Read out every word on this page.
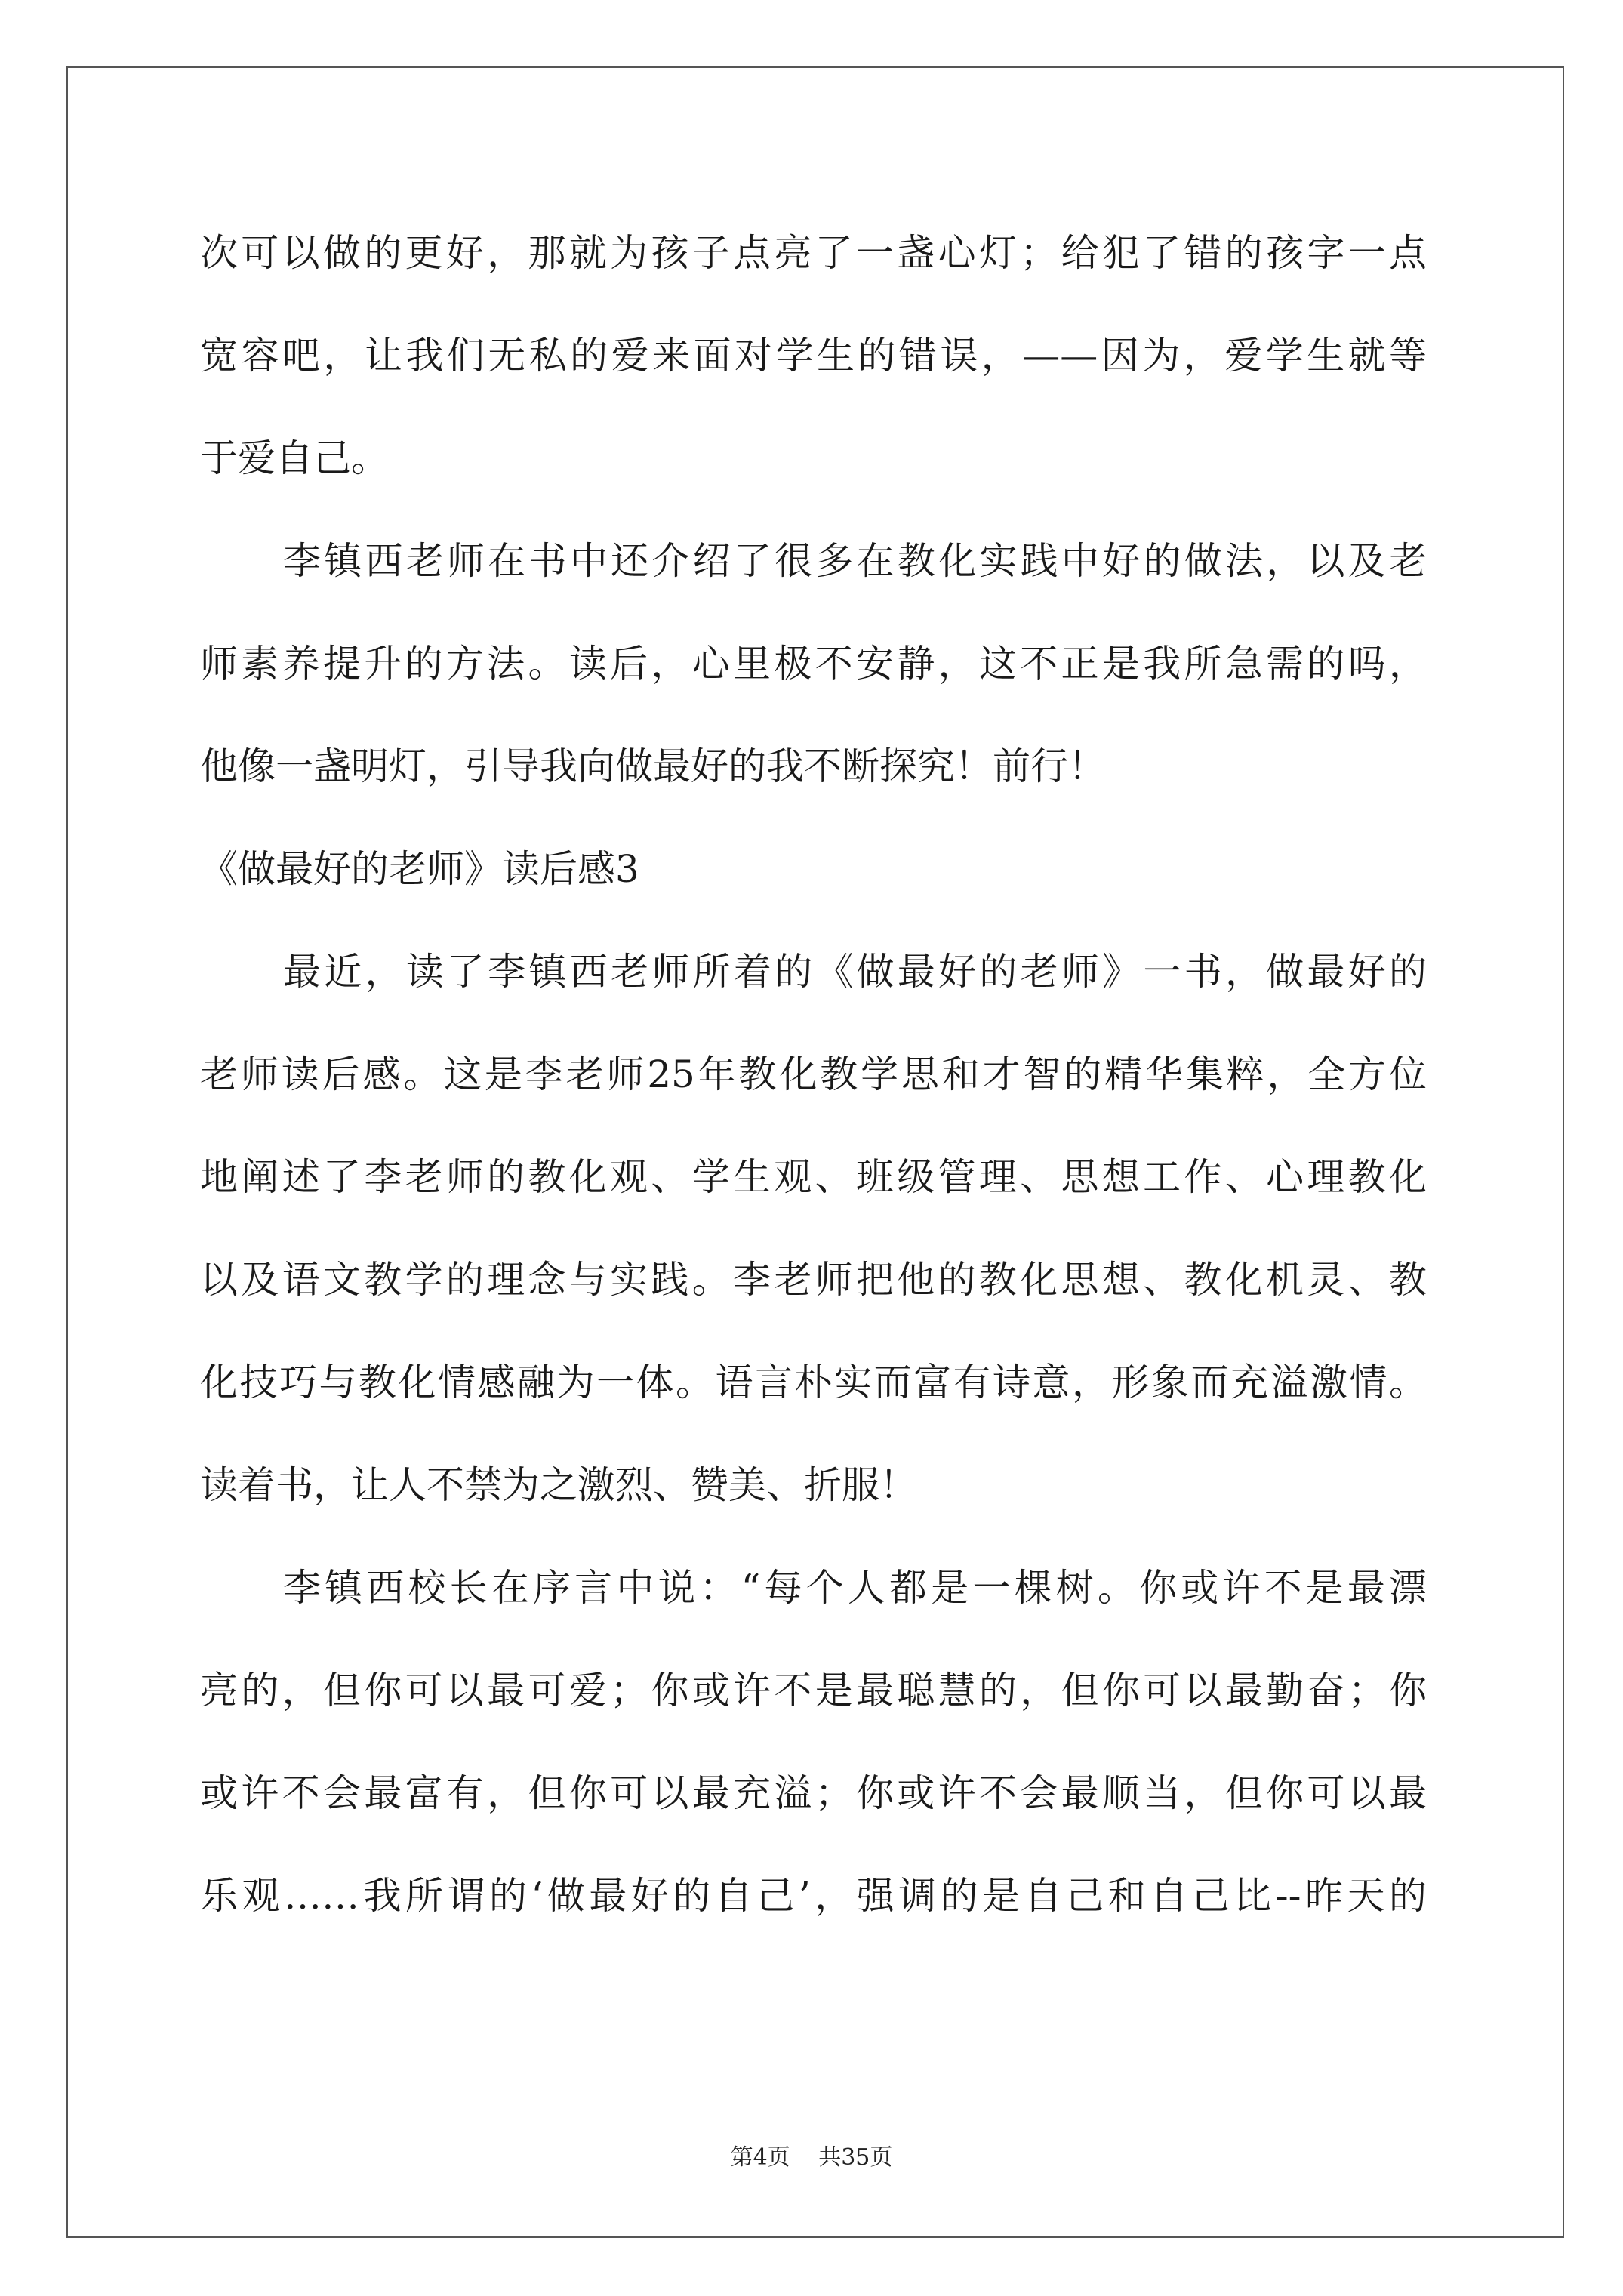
次可以做的更好，那就为孩子点亮了一盏心灯；给犯了错的孩字一点
宽容吧，让我们无私的爱来面对学生的错误，——因为，爱学生就等
于爱自己。
李镇西老师在书中还介绍了很多在教化实践中好的做法，以及老
师素养提升的方法。读后，心里极不安静，这不正是我所急需的吗，
他像一盏明灯，引导我向做最好的我不断探究！前行！
《做最好的老师》读后感3
最近，读了李镇西老师所着的《做最好的老师》一书，做最好的
老师读后感。这是李老师25年教化教学思和才智的精华集粹，全方位
地阐述了李老师的教化观、学生观、班级管理、思想工作、心理教化
以及语文教学的理念与实践。李老师把他的教化思想、教化机灵、教
化技巧与教化情感融为一体。语言朴实而富有诗意，形象而充溢激情。
读着书，让人不禁为之激烈、赞美、折服！
李镇西校长在序言中说：“每个人都是一棵树。你或许不是最漂
亮的，但你可以最可爱；你或许不是最聪慧的，但你可以最勤奋；你
或许不会最富有，但你可以最充溢；你或许不会最顺当，但你可以最
乐观……我所谓的‘做最好的自己’，强调的是自己和自己比--昨天的
第4页 共35页
